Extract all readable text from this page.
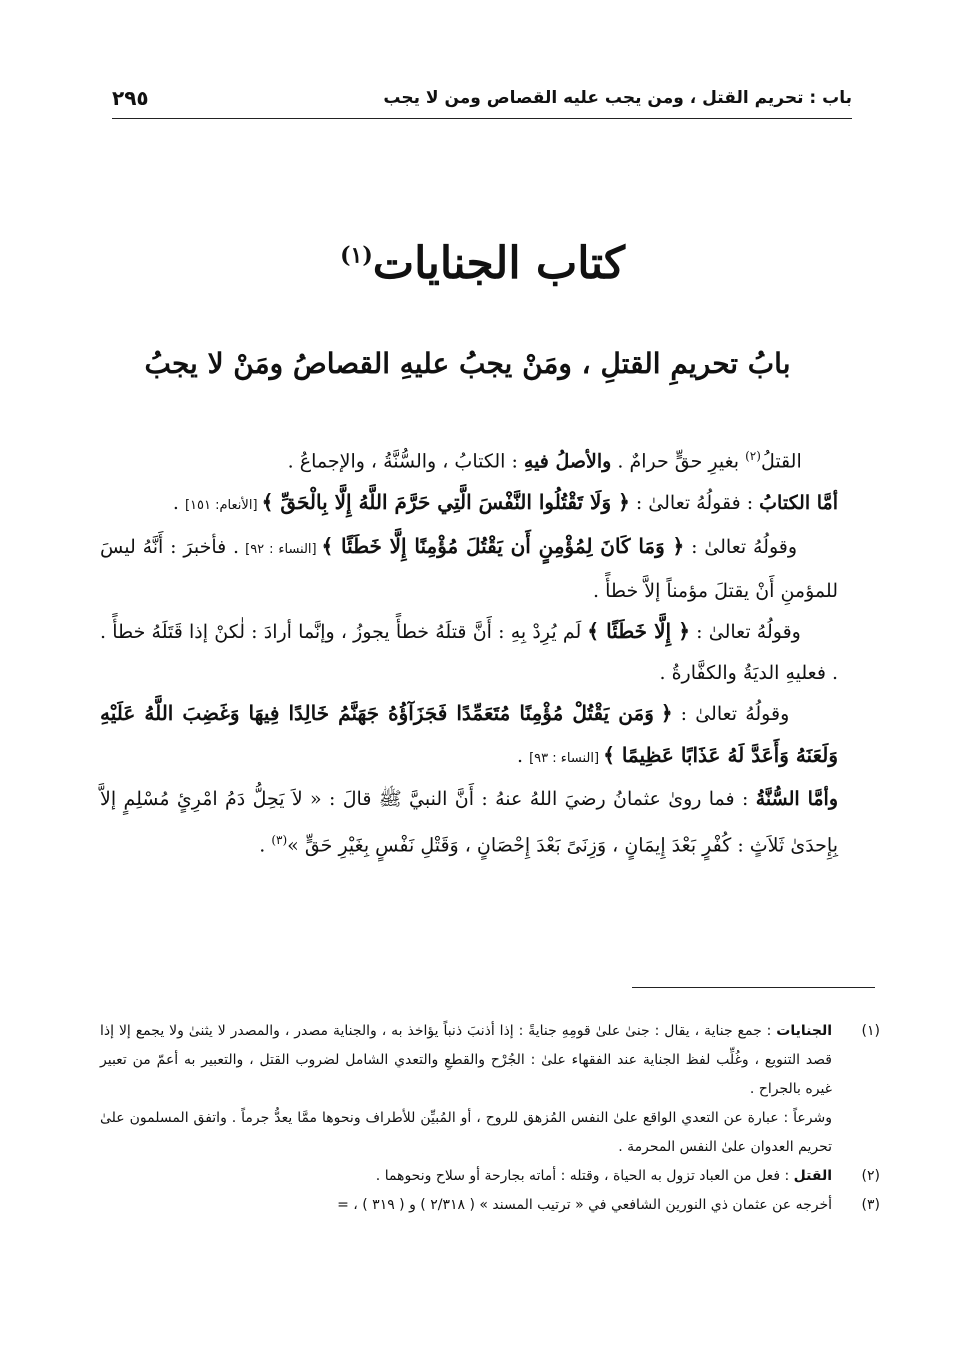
باب : تحريم القتل ، ومن يجب عليه القصاص ومن لا يجب
٢٩٥
كتاب الجنايات$^{(١)}$
بابُ تحريمِ القتلِ ، ومَنْ يجبُ عليهِ القصاصُ ومَنْ لا يجبُ

القتلُ$^{(٢)}$ بغيرِ حقٍّ حرامٌ . والأصلُ فيهِ : الكتابُ ، والسُّنَّةُ ، والإجماعُ .

أمَّا الكتابُ : فقولُهُ تعالىٰ : ﴿ وَلَا تَقْتُلُوا النَّفْسَ الَّتِي حَرَّمَ اللَّهُ إِلَّا بِالْحَقِّ ﴾ [الأنعام: ١٥١] .

وقولُهُ تعالىٰ : ﴿ وَمَا كَانَ لِمُؤْمِنٍ أَن يَقْتُلَ مُؤْمِنًا إِلَّا خَطَئًا ﴾ [النساء : ٩٢] . فأخبرَ : أَنَّهُ ليسَ للمؤمنِ أَنْ يقتلَ مؤمناً إلاَّ خطأً .

وقولُهُ تعالىٰ : ﴿ إِلَّا خَطَئًا ﴾ لَم يُرِدْ بِهِ : أَنَّ قتلَهُ خطأً يجوزُ ، وإنَّما أرادَ : لٰكنْ إذا قَتَلَهُ خطأً . . فعليهِ الديَةُ والكفَّارةُ .

وقولُهُ تعالىٰ : ﴿ وَمَن يَقْتُلْ مُؤْمِنًا مُتَعَمِّدًا فَجَزَآؤُهُ جَهَنَّمُ خَالِدًا فِيهَا وَغَضِبَ اللَّهُ عَلَيْهِ وَلَعَنَهُ وَأَعَدَّ لَهُ عَذَابًا عَظِيمًا ﴾ [النساء : ٩٣] .

وأمَّا السُّنَّةُ : فما روىٰ عثمانُ رضيَ اللهُ عنهُ : أَنَّ النبيَّ ﷺ قالَ : « لاَ يَحِلُّ دَمُ امْرِئٍ مُسْلِمٍ إلاَّ بِإِحدَىٰ ثَلاَثٍ : كُفْرٍ بَعْدَ إِيمَانٍ ، وَزِنَىً بَعْدَ إِحْصَانٍ ، وَقَتْلِ نَفْسٍ بِغَيْرِ حَقٍّ »$^{(٣)}$ .

(١)
الجنايات : جمع جناية ، يقال : جنىٰ علىٰ قومِهِ جنايةً : إذا أذنبَ ذنباً يؤاخذ به ، والجناية مصدر ، والمصدر لا يثنىٰ ولا يجمع إلا إذا قصد التنويع ، وغُلِّب لفظ الجناية عند الفقهاء علىٰ : الجُرْح والقطعِ والتعدي الشامل لضروب القتل ، والتعبير به أعمّ من تعبير غيره بالجراح .
وشرعاً : عبارة عن التعدي الواقع علىٰ النفس المُزهق للروح ، أو المُبيِّن للأطراف ونحوها ممَّا يعدُّ جرماً . واتفق المسلمون علىٰ تحريم العدوان علىٰ النفس المحرمة .
(٢)
القتل : فعل من العباد تزول به الحياة ، وقتله : أماته بجارحة أو سلاح ونحوهما .
(٣)
أخرجه عن عثمان ذي النورين الشافعي في « ترتيب المسند » ( ٢/٣١٨ ) و ( ٣١٩ ) ، =
